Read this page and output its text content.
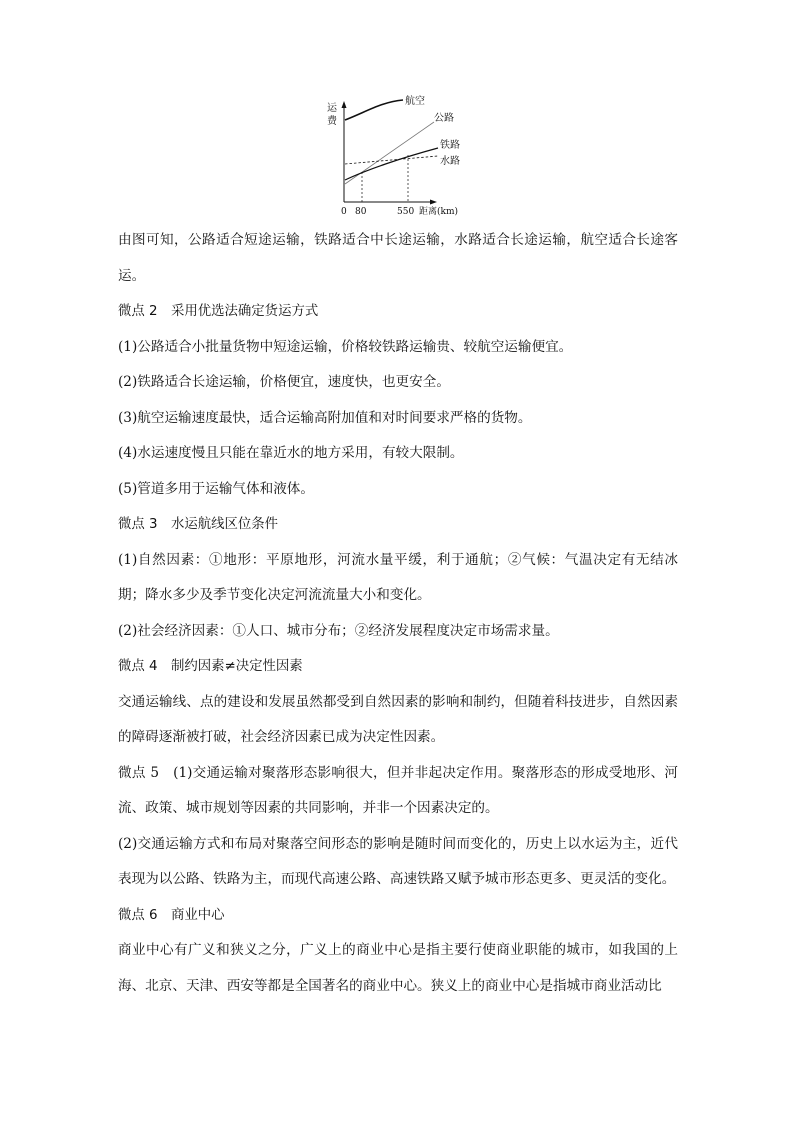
运
费
航空
公路
铁路
水路
0 80	550 距离(km)

由图可知，公路适合短途运输，铁路适合中长途运输，水路适合长途运输，航空适合长途客运。

微点 2　采用优选法确定货运方式

(1)公路适合小批量货物中短途运输，价格较铁路运输贵、较航空运输便宜。

(2)铁路适合长途运输，价格便宜，速度快，也更安全。

(3)航空运输速度最快，适合运输高附加值和对时间要求严格的货物。

(4)水运速度慢且只能在靠近水的地方采用，有较大限制。

(5)管道多用于运输气体和液体。

微点 3　水运航线区位条件

(1)自然因素：①地形：平原地形，河流水量平缓，利于通航；②气候：气温决定有无结冰期；降水多少及季节变化决定河流流量大小和变化。

(2)社会经济因素：①人口、城市分布；②经济发展程度决定市场需求量。

微点 4　制约因素≠决定性因素

交通运输线、点的建设和发展虽然都受到自然因素的影响和制约，但随着科技进步，自然因素的障碍逐渐被打破，社会经济因素已成为决定性因素。

微点 5　(1)交通运输对聚落形态影响很大，但并非起决定作用。聚落形态的形成受地形、河流、政策、城市规划等因素的共同影响，并非一个因素决定的。

(2)交通运输方式和布局对聚落空间形态的影响是随时间而变化的，历史上以水运为主，近代表现为以公路、铁路为主，而现代高速公路、高速铁路又赋予城市形态更多、更灵活的变化。

微点 6　商业中心

商业中心有广义和狭义之分，广义上的商业中心是指主要行使商业职能的城市，如我国的上海、北京、天津、西安等都是全国著名的商业中心。狭义上的商业中心是指城市商业活动比
